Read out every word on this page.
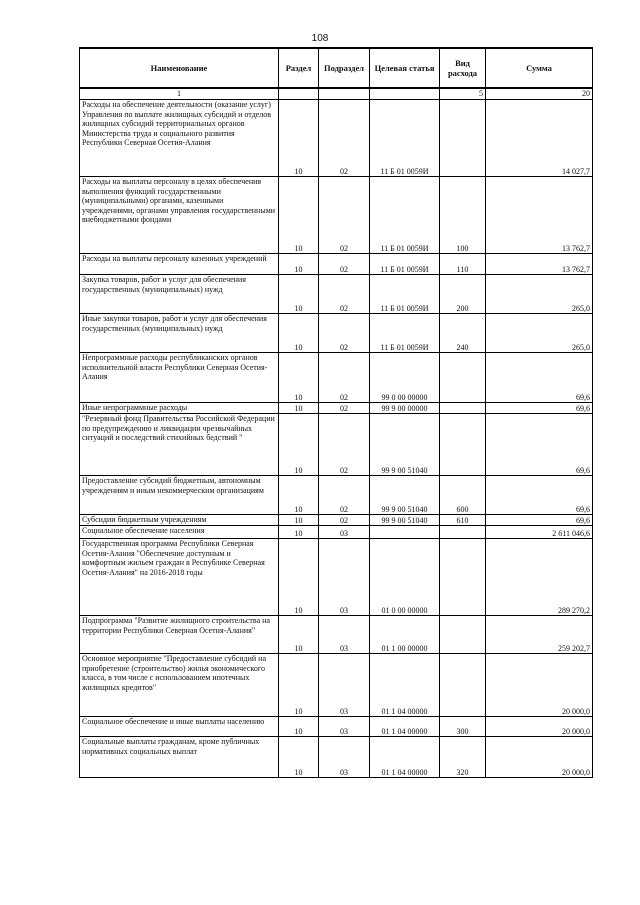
108
Наименование	Раздел	Подраздел	Целевая статья	Вид расхода	Сумма
1				5	20
Расходы на обеспечение деятельности (оказание услуг) Управления по выплате жилищных субсидий и отделов жилищных субсидий территориальных органов Министерства труда и социального развития Республики Северная Осетия-Алания	10	02	11 Б 01 0059И		14 027,7
Расходы на выплаты персоналу в целях обеспечения выполнения функций государственными (муниципальными) органами, казенными учреждениями, органами управления государственными внебюджетными фондами	10	02	11 Б 01 0059И	100	13 762,7
Расходы на выплаты персоналу казенных учреждений	10	02	11 Б 01 0059И	110	13 762,7
Закупка товаров, работ и услуг для обеспечения государственных (муниципальных) нужд	10	02	11 Б 01 0059И	200	265,0
Иные закупки товаров, работ и услуг для обеспечения государственных (муниципальных) нужд	10	02	11 Б 01 0059И	240	265,0
Непрограммные расходы республиканских органов исполнительной власти Республики Северная Осетия-Алания	10	02	99 0 00 00000		69,6
Иные непрограммные расходы	10	02	99 9 00 00000		69,6
"Резервный фонд Правительства Российской Федерации по предупреждению и ликвидации чрезвычайных ситуаций и последствий стихийных бедствий "	10	02	99 9 00 51040		69,6
Предоставление субсидий бюджетным, автономным учреждениям и иным некоммерческим организациям	10	02	99 9 00 51040	600	69,6
Субсидии бюджетным учреждениям	10	02	99 9 00 51040	610	69,6
Социальное обеспечение населения	10	03			2 611 046,6
Государственная программа Республики Северная Осетия-Алания "Обеспечение доступным и комфортным жильем граждан в Республике Северная Осетия-Алания" на 2016-2018 годы	10	03	01 0 00 00000		289 270,2
Подпрограмма "Развитие жилищного строительства на территории Республики Северная Осетия-Алания"	10	03	01 1 00 00000		259 202,7
Основное мероприятие "Предоставление субсидий на приобретение (строительство) жилья экономического класса, в том числе с использованием ипотечных жилищных кредитов"	10	03	01 1 04 00000		20 000,0
Социальное обеспечение и иные выплаты населению	10	03	01 1 04 00000	300	20 000,0
Социальные выплаты гражданам, кроме публичных нормативных социальных выплат	10	03	01 1 04 00000	320	20 000,0
